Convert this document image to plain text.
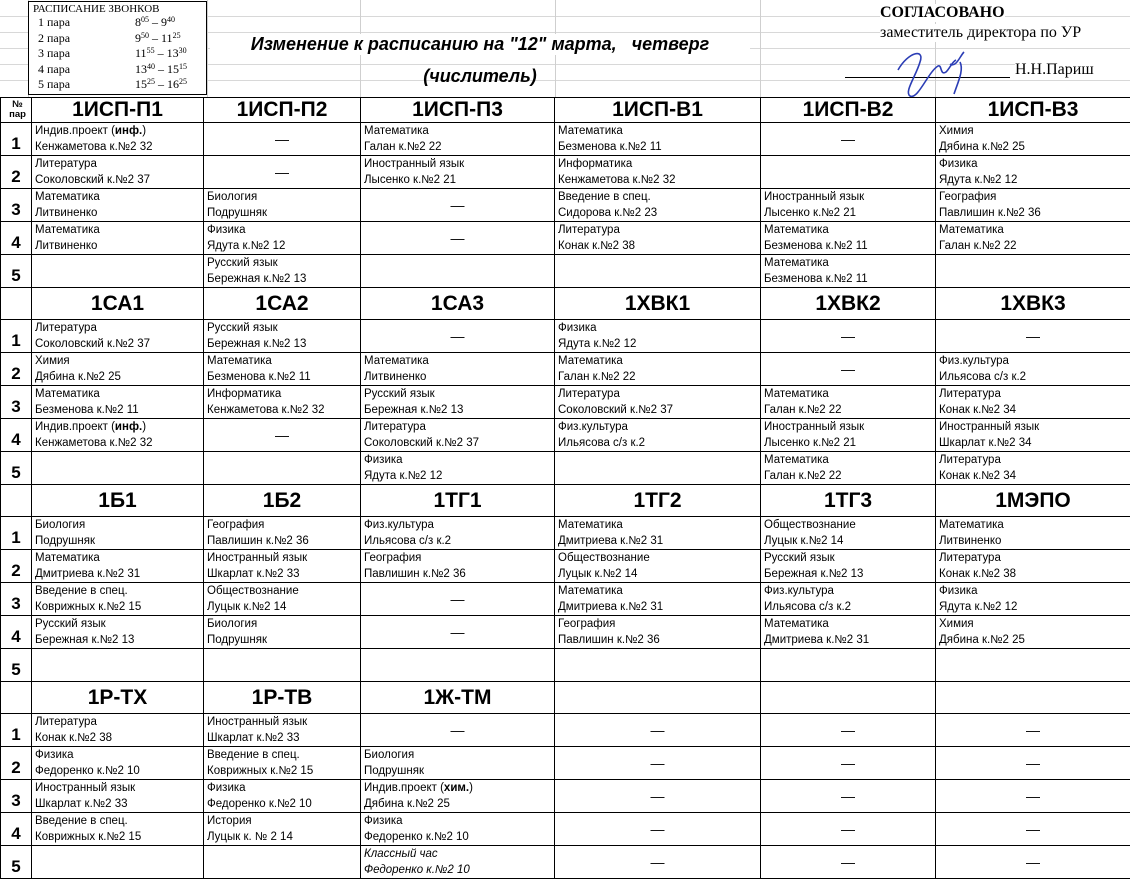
РАСПИСАНИЕ ЗВОНКОВ
1 пара	$8^{05} - 9^{40}$
2 пара	$9^{50} - 11^{25}$
3 пара	$11^{55} - 13^{30}$
4 пара	$13^{40} - 15^{15}$
5 пара	$15^{25} - 16^{25}$
Изменение к расписанию на "12" марта,   четверг
(числитель)
СОГЛАСОВАНО
заместитель директора по УР
Н.Н.Париш
№
пар	1ИСП-П1	1ИСП-П2	1ИСП-П3	1ИСП-В1	1ИСП-В2	1ИСП-В3
1	Индив.проект (инф.)
Кенжаметова к.№2 32	—	Математика
Галан к.№2 22	Математика
Безменова к.№2 11	—	Химия
Дябина к.№2 25

2	Литература
Соколовский к.№2 37	—	Иностранный язык
Лысенко к.№2 21	Информатика
Кенжаметова к.№2 32		Физика
Ядута к.№2 12

3	Математика
Литвиненко	Биология
Подрушняк	—	Введение в спец.
Сидорова к.№2 23	Иностранный язык
Лысенко к.№2 21	География
Павлишин к.№2 36

4	Математика
Литвиненко	Физика
Ядута к.№2 12	—	Литература
Конак к.№2 38	Математика
Безменова к.№2 11	Математика
Галан к.№2 22

5		Русский язык
Бережная к.№2 13			Математика
Безменова к.№2 11	

	1СА1	1СА2	1СА3	1ХВК1	1ХВК2	1ХВК3
1	Литература
Соколовский к.№2 37	Русский язык
Бережная к.№2 13	—	Физика
Ядута к.№2 12	—	—
2	Химия
Дябина к.№2 25	Математика
Безменова к.№2 11	Математика
Литвиненко	Математика
Галан к.№2 22	—	Физ.культура
Ильясова с/з к.2

3	Математика
Безменова к.№2 11	Информатика
Кенжаметова к.№2 32	Русский язык
Бережная к.№2 13	Литература
Соколовский к.№2 37	Математика
Галан к.№2 22	Литература
Конак к.№2 34

4	Индив.проект (инф.)
Кенжаметова к.№2 32	—	Литература
Соколовский к.№2 37	Физ.культура
Ильясова с/з к.2	Иностранный язык
Лысенко к.№2 21	Иностранный язык
Шкарлат к.№2 34

5			Физика
Ядута к.№2 12		Математика
Галан к.№2 22	Литература
Конак к.№2 34

	1Б1	1Б2	1ТГ1	1ТГ2	1ТГ3	1МЭПО
1	Биология
Подрушняк	География
Павлишин к.№2 36	Физ.культура
Ильясова с/з к.2	Математика
Дмитриева к.№2 31	Обществознание
Луцык к.№2 14	Математика
Литвиненко

2	Математика
Дмитриева к.№2 31	Иностранный язык
Шкарлат к.№2 33	География
Павлишин к.№2 36	Обществознание
Луцык к.№2 14	Русский язык
Бережная к.№2 13	Литература
Конак к.№2 38

3	Введение в спец.
Коврижных к.№2 15	Обществознание
Луцык к.№2 14	—	Математика
Дмитриева к.№2 31	Физ.культура
Ильясова с/з к.2	Физика
Ядута к.№2 12

4	Русский язык
Бережная к.№2 13	Биология
Подрушняк	—	География
Павлишин к.№2 36	Математика
Дмитриева к.№2 31	Химия
Дябина к.№2 25

5						
	1Р-ТХ	1Р-ТВ	1Ж-ТМ			
1	Литература
Конак к.№2 38	Иностранный язык
Шкарлат к.№2 33	—	—	—	—
2	Физика
Федоренко к.№2 10	Введение в спец.
Коврижных к.№2 15	Биология
Подрушняк	—	—	—
3	Иностранный язык
Шкарлат к.№2 33	Физика
Федоренко к.№2 10	Индив.проект (хим.)
Дябина к.№2 25	—	—	—
4	Введение в спец.
Коврижных к.№2 15	История
Луцык к. № 2 14	Физика
Федоренко к.№2 10	—	—	—
5			Классный час
Федоренко к.№2 10	—	—	—
